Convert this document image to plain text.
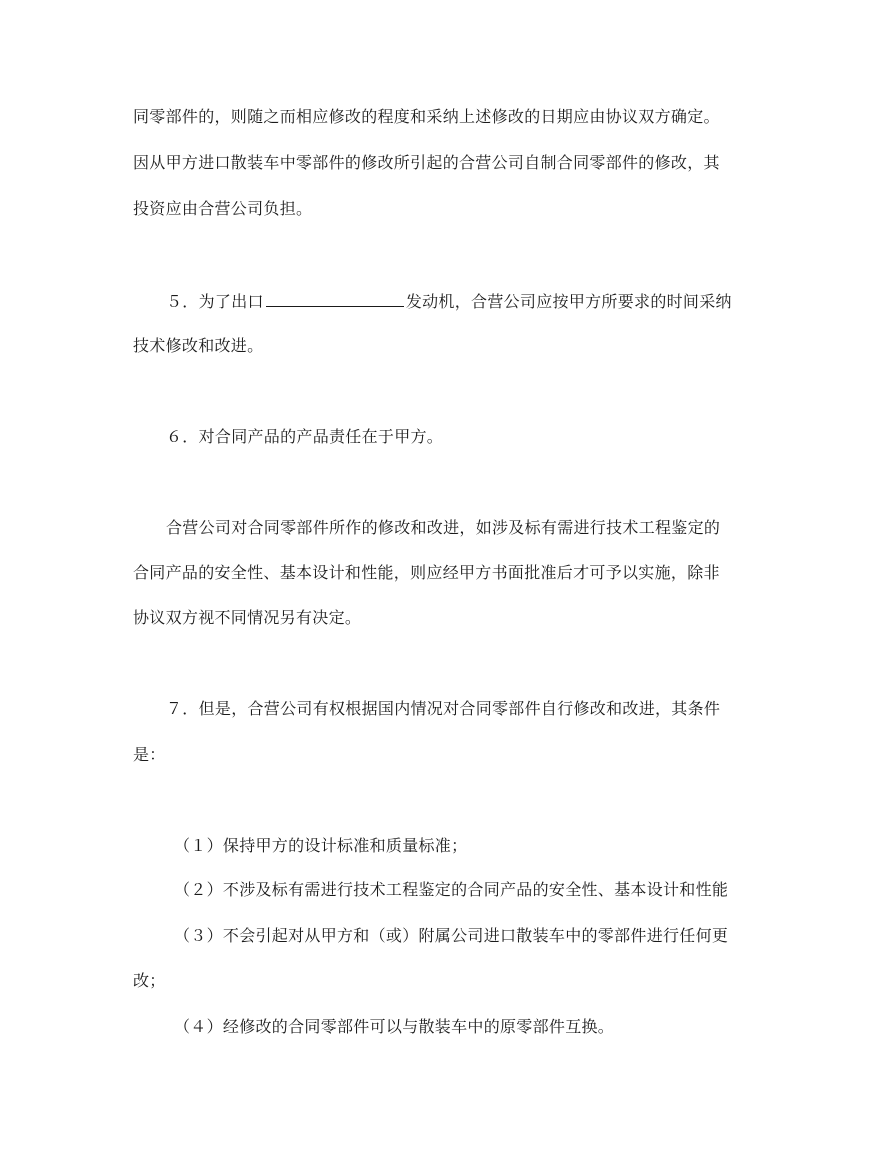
同零部件的，则随之而相应修改的程度和采纳上述修改的日期应由协议双方确定。
因从甲方进口散装车中零部件的修改所引起的合营公司自制合同零部件的修改，其
投资应由合营公司负担。
５．为了出口	发动机，合营公司应按甲方所要求的时间采纳
技术修改和改进。
６．对合同产品的产品责任在于甲方。
合营公司对合同零部件所作的修改和改进，如涉及标有需进行技术工程鉴定的
合同产品的安全性、基本设计和性能，则应经甲方书面批准后才可予以实施，除非
协议双方视不同情况另有决定。
７．但是，合营公司有权根据国内情况对合同零部件自行修改和改进，其条件
是：
（１）保持甲方的设计标准和质量标准；
（２）不涉及标有需进行技术工程鉴定的合同产品的安全性、基本设计和性能
（３）不会引起对从甲方和（或）附属公司进口散装车中的零部件进行任何更
改；
（４）经修改的合同零部件可以与散装车中的原零部件互换。
